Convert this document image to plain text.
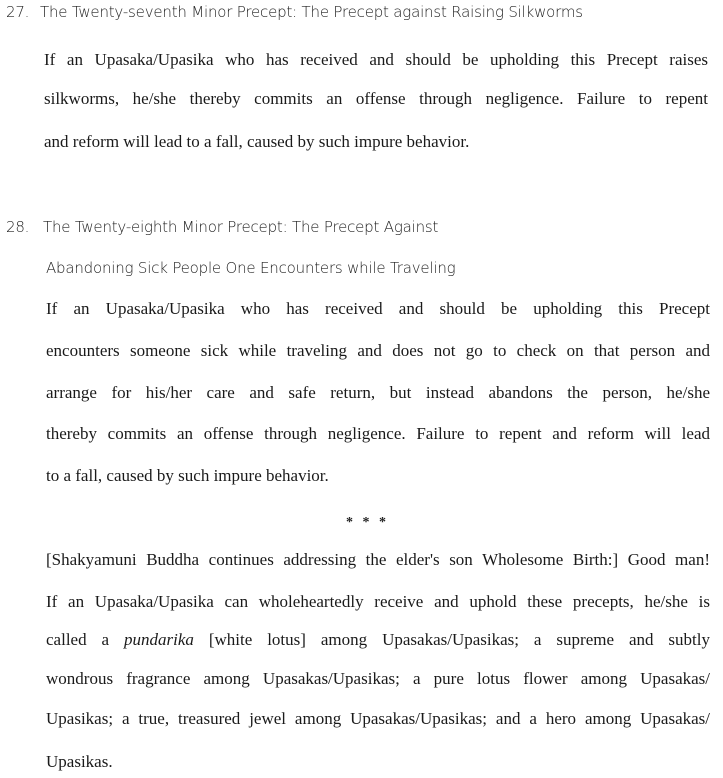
27. The Twenty-seventh Minor Precept: The Precept against Raising Silkworms
If an Upasaka/Upasika who has received and should be upholding this Precept raises
silkworms, he/she thereby commits an offense through negligence. Failure to repent
and reform will lead to a fall, caused by such impure behavior.
28. The Twenty-eighth Minor Precept: The Precept Against
Abandoning Sick People One Encounters while Traveling
If an Upasaka/Upasika who has received and should be upholding this Precept
encounters someone sick while traveling and does not go to check on that person and
arrange for his/her care and safe return, but instead abandons the person, he/she
thereby commits an offense through negligence. Failure to repent and reform will lead
to a fall, caused by such impure behavior.
* * *
[Shakyamuni Buddha continues addressing the elder's son Wholesome Birth:] Good man!
If an Upasaka/Upasika can wholeheartedly receive and uphold these precepts, he/she is
called a pundarika [white lotus] among Upasakas/Upasikas; a supreme and subtly
wondrous fragrance among Upasakas/Upasikas; a pure lotus flower among Upasakas/
Upasikas; a true, treasured jewel among Upasakas/Upasikas; and a hero among Upasakas/
Upasikas.
